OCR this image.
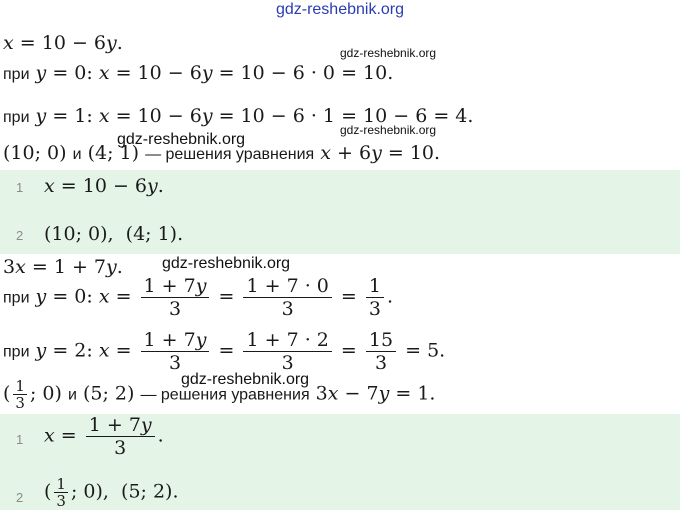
gdz-reshebnik.org
gdz-reshebnik.org
gdz-reshebnik.org
gdz-reshebnik.org
gdz-reshebnik.org
gdz-reshebnik.org
x = 10 − 6y.
при y = 0: x = 10 − 6y = 10 − 6 · 0 = 10.
при y = 1: x = 10 − 6y = 10 − 6 · 1 = 10 − 6 = 4.
(10; 0) и (4; 1) — решения уравнения x + 6y = 10.
1 x = 10 − 6y.
2 (10; 0),  (4; 1).
3x = 1 + 7y.
при y = 0: $x = \frac{1 + 7y}{3} = \frac{1 + 7 \cdot 0}{3} = \frac{1}{3}$ .
при y = 2: $x = \frac{1 + 7y}{3} = \frac{1 + 7 \cdot 2}{3} = \frac{15}{3} = 5$.
( $\frac{1}{3}$ ; 0) и (5; 2) — решения уравнения 3x − 7y = 1.
1 $x = \frac{1 + 7y}{3}$ .
2 ( $\frac{1}{3}$ ; 0),  (5; 2).
